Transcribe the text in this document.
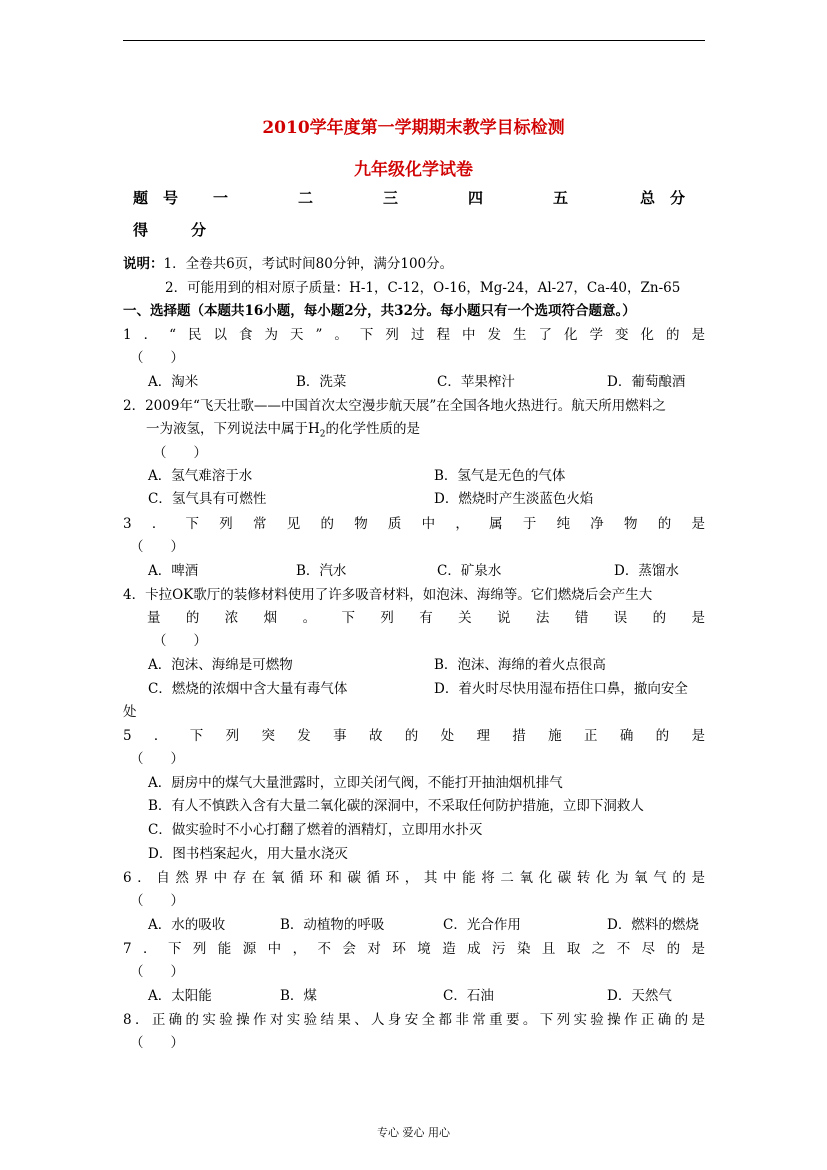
2010学年度第一学期期末教学目标检测
九年级化学试卷
题　号 一	二	三	四	五	总　分
得　分
说明：1．全卷共6页，考试时间80分钟，满分100分。
2．可能用到的相对原子质量：H-1，C-12，O-16，Mg-24，Al-27，Ca-40，Zn-65
一、选择题（本题共16小题，每小题2分，共32分。每小题只有一个选项符合题意。）
1．“民以食为天”。下列过程中发生了化学变化的是
（　　）
A．淘米	B．洗菜	C．苹果榨汁	D．葡萄酿酒
2．2009年“飞天壮歌——中国首次太空漫步航天展”在全国各地火热进行。航天所用燃料之
一为液氢，下列说法中属于$H_2$的化学性质的是
（　　）
A．氢气难溶于水	B．氢气是无色的气体
C．氢气具有可燃性	D．燃烧时产生淡蓝色火焰
3．下列常见的物质中，属于纯净物的是
（　　）
A．啤酒	B．汽水	C．矿泉水	D．蒸馏水
4．卡拉OK歌厅的装修材料使用了许多吸音材料，如泡沫、海绵等。它们燃烧后会产生大
量的浓烟。下列有关说法错误的是
（　　）
A．泡沫、海绵是可燃物	B．泡沫、海绵的着火点很高
C．燃烧的浓烟中含大量有毒气体	D．着火时尽快用湿布捂住口鼻，撤向安全
处
5．下列突发事故的处理措施正确的是
（　　）
A．厨房中的煤气大量泄露时，立即关闭气阀，不能打开抽油烟机排气
B．有人不慎跌入含有大量二氧化碳的深洞中，不采取任何防护措施，立即下洞救人
C．做实验时不小心打翻了燃着的酒精灯，立即用水扑灭
D．图书档案起火，用大量水浇灭
6．自然界中存在氧循环和碳循环，其中能将二氧化碳转化为氧气的是
（　　）
A．水的吸收	B．动植物的呼吸	C．光合作用	D．燃料的燃烧
7．下列能源中，不会对环境造成污染且取之不尽的是
（　　）
A．太阳能	B．煤	C．石油	D．天然气
8．正确的实验操作对实验结果、人身安全都非常重要。下列实验操作正确的是
（　　）
专心 爱心 用心
